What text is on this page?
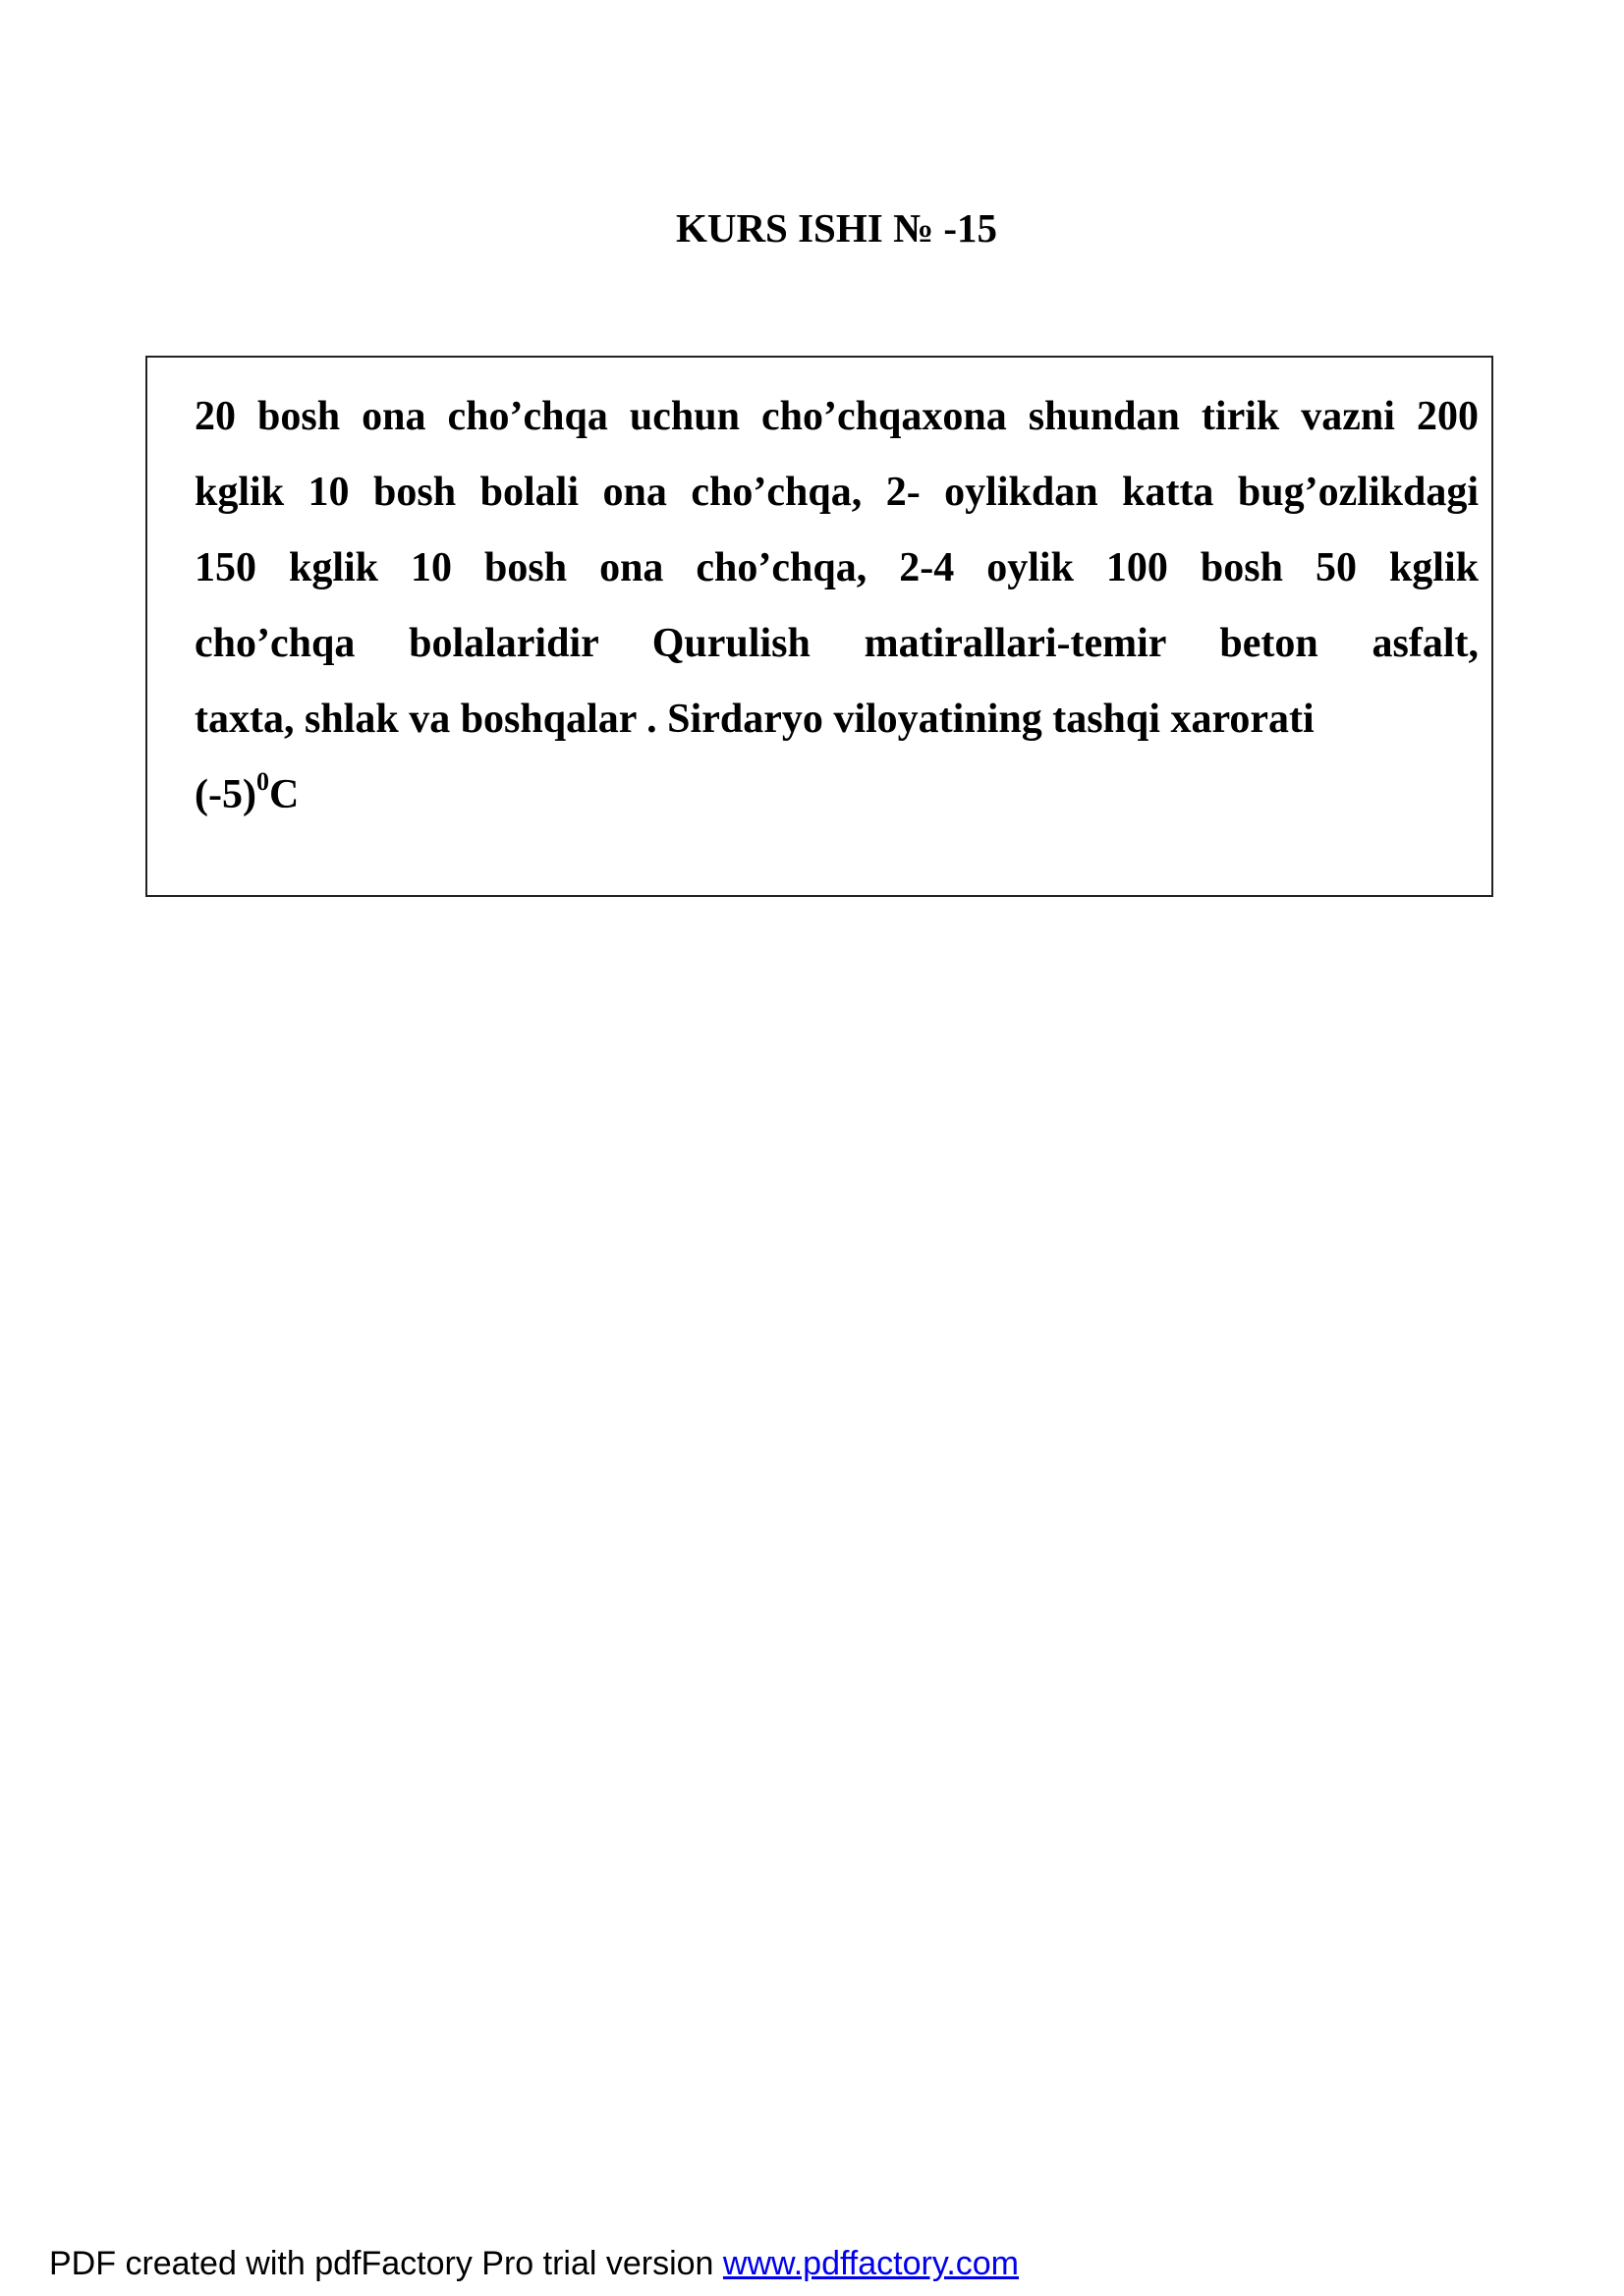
KURS ISHI № -15

20 bosh ona cho’chqa uchun cho’chqaxona shundan tirik vazni 200
kglik 10 bosh bolali ona cho’chqa, 2- oylikdan katta bug’ozlikdagi
150 kglik 10 bosh ona cho’chqa, 2-4 oylik 100 bosh 50 kglik
cho’chqa bolalaridir Qurulish matirallari-temir beton asfalt,
taxta, shlak va boshqalar . Sirdaryo viloyatining tashqi xarorati
$(-5)^0C$

PDF created with pdfFactory Pro trial version www.pdffactory.com
